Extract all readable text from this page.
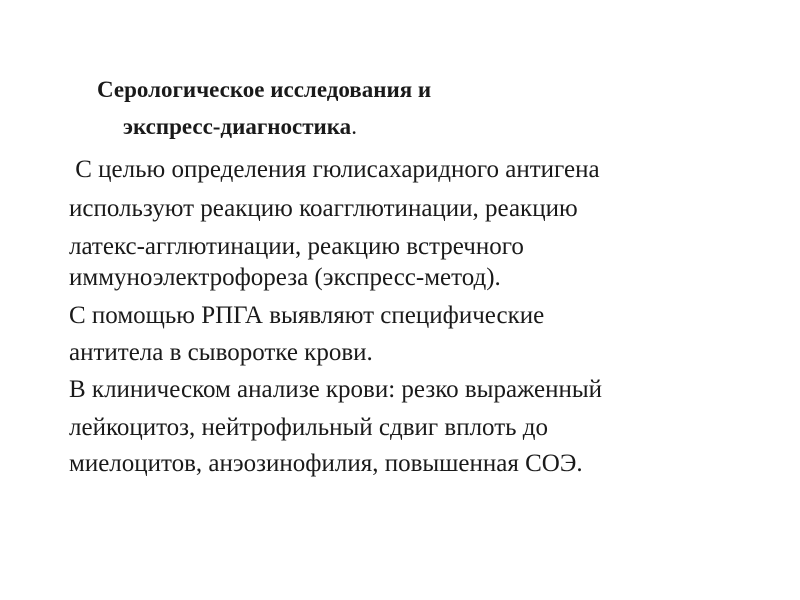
Серологическое исследования и
экспресс-диагностика.

С целью определения гюлисахаридного антигена

используют реакцию коагглютинации, реакцию

латекс-агглютинации, реакцию встречного

иммуноэлектрофореза (экспресс-метод).

С помощью РПГА выявляют специфические

антитела в сыворотке крови.

В клиническом анализе крови: резко выраженный

лейкоцитоз, нейтрофильный сдвиг вплоть до

миелоцитов, анэозинофилия, повышенная СОЭ.
